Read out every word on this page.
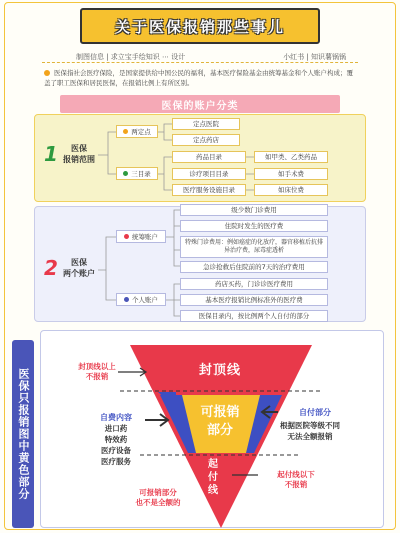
关于医保报销那些事儿
制图信息 | 求立宝手绘知识 ⋯ 设计	小红书 | 知识薯锅锅
医保指社会医疗保险，是国家提供给中国公民的福利，基本医疗保险基金由统筹基金和个人账户构成；覆盖了职工医保和居民医保，在报销比例上有所区别。
医保的账户分类
1	医保
报销范围
两定点
定点医院
定点药店
三目录
药品目录
诊疗项目目录
医疗服务设施目录
如甲类、乙类药品
如手术费
如床位费
2	医保
两个账户
统筹账户
级少数门诊费用
住院时发生的医疗费
特殊门诊费用：例如癌症的化放疗，器官移植后抗排异治疗费，尿毒症透析
急诊抢救后住院前的7天的治疗费用
个人账户
药店买药，门诊诊医疗费用
基本医疗报销比例标准外的医疗费
医保目录内，按比例两个人自付的部分
医保只报销图中黄色部分	封顶线
封顶线以上
不报销
可报销
部分
自费内容
进口药
特效药
医疗设备
医疗服务
自付部分
根据医院等级不同
无法全额报销
起
付
线
起付线以下
不报销
可报销部分
也不是全额的
